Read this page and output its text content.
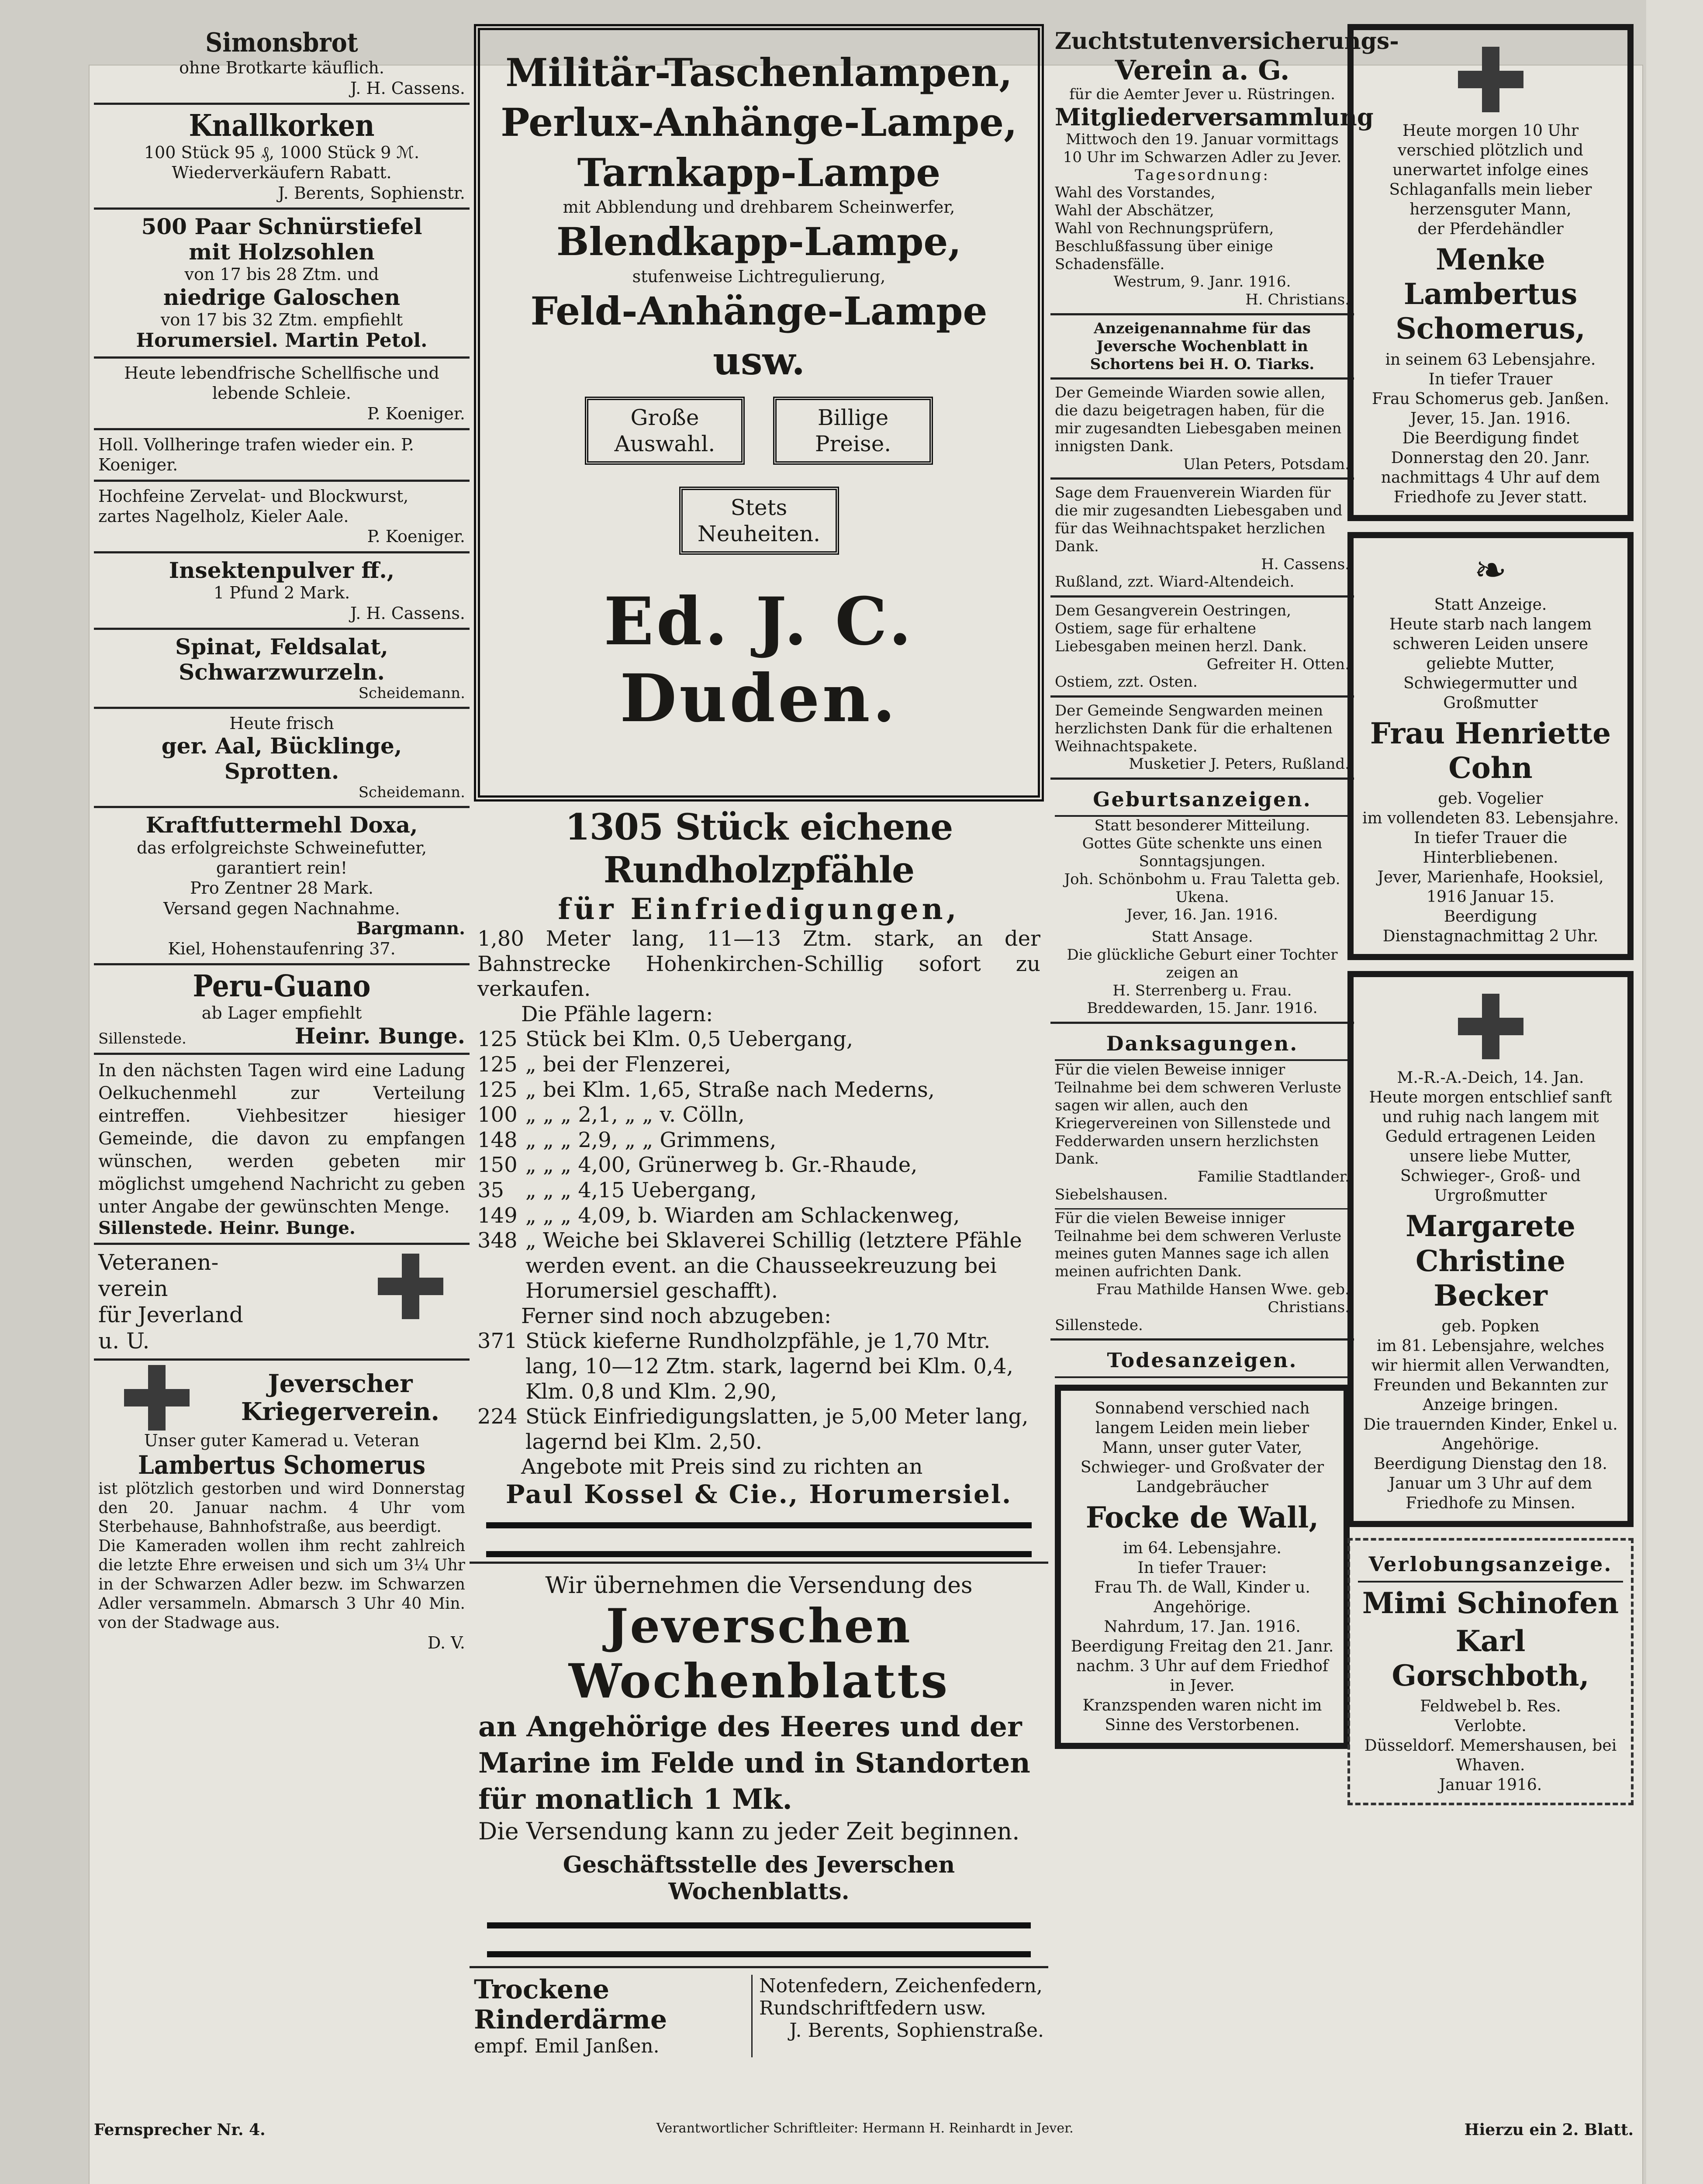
Simonsbrot
ohne Brotkarte käuflich.
J. H. Cassens.
Knallkorken
100 Stück 95 ₰, 1000 Stück 9 ℳ.
Wiederverkäufern Rabatt.
J. Berents, Sophienstr.
500 Paar Schnürstiefel
mit Holzsohlen
von 17 bis 28 Ztm. und
niedrige Galoschen
von 17 bis 32 Ztm. empfiehlt
Horumersiel. Martin Petol.
Heute lebendfrische Schellfische und lebende Schleie.
P. Koeniger.
Holl. Vollheringe trafen wieder ein. P. Koeniger.
Hochfeine Zervelat- und Blockwurst, zartes Nagelholz, Kieler Aale.
P. Koeniger.
Insektenpulver ff.,
1 Pfund 2 Mark.
J. H. Cassens.
Spinat, Feldsalat,
Schwarzwurzeln.
Scheidemann.
Heute frisch
ger. Aal, Bücklinge,
Sprotten.
Scheidemann.
Kraftfuttermehl Doxa,
das erfolgreichste Schweinefutter,
garantiert rein!
Pro Zentner 28 Mark.
Versand gegen Nachnahme.
Bargmann.
Kiel, Hohenstaufenring 37.
Peru-Guano
ab Lager empfiehlt
Sillenstede.	Heinr. Bunge.
In den nächsten Tagen wird eine Ladung Oelkuchenmehl zur Verteilung eintreffen. Viehbesitzer hiesiger Gemeinde, die davon zu empfangen wünschen, werden gebeten mir möglichst umgehend Nachricht zu geben unter Angabe der gewünschten Menge.
Sillenstede. Heinr. Bunge.
Veteranen-
verein
für Jeverland
u. U.
Jeverscher
Kriegerverein.
Unser guter Kamerad u. Veteran
Lambertus Schomerus
ist plötzlich gestorben und wird Donnerstag den 20. Januar nachm. 4 Uhr vom Sterbehause, Bahnhofstraße, aus beerdigt.
Die Kameraden wollen ihm recht zahlreich die letzte Ehre erweisen und sich um 3¼ Uhr in der Schwarzen Adler bezw. im Schwarzen Adler versammeln. Abmarsch 3 Uhr 40 Min. von der Stadwage aus.
D. V.
Militär-Taschenlampen,
Perlux-Anhänge-Lampe,
Tarnkapp-Lampe
mit Abblendung und drehbarem Scheinwerfer,
Blendkapp-Lampe,
stufenweise Lichtregulierung,
Feld-Anhänge-Lampe usw.
Große Auswahl. Billige Preise.
Stets Neuheiten.
Ed. J. C. Duden.
1305 Stück eichene Rundholzpfähle
für Einfriedigungen,
1,80 Meter lang, 11—13 Ztm. stark, an der Bahnstrecke Hohenkirchen-Schillig sofort zu verkaufen.
Die Pfähle lagern:
125 Stück bei Klm. 0,5 Uebergang,
125 „ bei der Flenzerei,
125 „ bei Klm. 1,65, Straße nach Mederns,
100 „ „ „ 2,1, „ „ v. Cölln,
148 „ „ „ 2,9, „ „ Grimmens,
150 „ „ „ 4,00, Grünerweg b. Gr.-Rhaude,
35	„ „ „ 4,15 Uebergang,
149 „ „ „ 4,09, b. Wiarden am Schlackenweg,
348 „ Weiche bei Sklaverei Schillig (letztere Pfähle werden event. an die Chausseekreuzung bei Horumersiel geschafft).
Ferner sind noch abzugeben:
371 Stück kieferne Rundholzpfähle, je 1,70 Mtr. lang, 10—12 Ztm. stark, lagernd bei Klm. 0,4, Klm. 0,8 und Klm. 2,90,
224 Stück Einfriedigungslatten, je 5,00 Meter lang, lagernd bei Klm. 2,50.
Angebote mit Preis sind zu richten an
Paul Kossel & Cie., Horumersiel.
Wir übernehmen die Versendung des
Jeverschen Wochenblatts
an Angehörige des Heeres und der Marine im Felde und in Standorten für monatlich 1 Mk.
Die Versendung kann zu jeder Zeit beginnen.
Geschäftsstelle des Jeverschen Wochenblatts.
Trockene Rinderdärme
empf. Emil Janßen.
Notenfedern, Zeichenfedern, Rundschriftfedern usw.
J. Berents, Sophienstraße.
Zuchtstutenversicherungs-
Verein a. G.
für die Aemter Jever u. Rüstringen.
Mitgliederversammlung
Mittwoch den 19. Januar vormittags 10 Uhr im Schwarzen Adler zu Jever.
Tagesordnung:
Wahl des Vorstandes,
Wahl der Abschätzer,
Wahl von Rechnungsprüfern,
Beschlußfassung über einige Schadensfälle.
Westrum, 9. Janr. 1916.
H. Christians.
Anzeigenannahme für das Jeversche Wochenblatt in Schortens bei H. O. Tiarks.
Der Gemeinde Wiarden sowie allen, die dazu beigetragen haben, für die mir zugesandten Liebesgaben meinen innigsten Dank.
Ulan Peters, Potsdam.
Sage dem Frauenverein Wiarden für die mir zugesandten Liebesgaben und für das Weihnachtspaket herzlichen Dank.
H. Cassens.
Rußland, zzt. Wiard-Altendeich.
Dem Gesangverein Oestringen, Ostiem, sage für erhaltene Liebesgaben meinen herzl. Dank.
Gefreiter H. Otten.
Ostiem, zzt. Osten.
Der Gemeinde Sengwarden meinen herzlichsten Dank für die erhaltenen Weihnachtspakete.
Musketier J. Peters, Rußland.
Geburtsanzeigen.
Statt besonderer Mitteilung.
Gottes Güte schenkte uns einen Sonntagsjungen.
Joh. Schönbohm u. Frau Taletta geb. Ukena.
Jever, 16. Jan. 1916.
Statt Ansage.
Die glückliche Geburt einer Tochter zeigen an
H. Sterrenberg u. Frau.
Breddewarden, 15. Janr. 1916.
Danksagungen.
Für die vielen Beweise inniger Teilnahme bei dem schweren Verluste sagen wir allen, auch den Kriegervereinen von Sillenstede und Fedderwarden unsern herzlichsten Dank.
Familie Stadtlander.
Siebelshausen.
Für die vielen Beweise inniger Teilnahme bei dem schweren Verluste meines guten Mannes sage ich allen meinen aufrichten Dank.
Frau Mathilde Hansen Wwe. geb. Christians.
Sillenstede.
Todesanzeigen.
Sonnabend verschied nach langem Leiden mein lieber Mann, unser guter Vater, Schwieger- und Großvater der Landgebräucher
Focke de Wall,
im 64. Lebensjahre.
In tiefer Trauer:
Frau Th. de Wall, Kinder u. Angehörige.
Nahrdum, 17. Jan. 1916.
Beerdigung Freitag den 21. Janr. nachm. 3 Uhr auf dem Friedhof in Jever.
Kranzspenden waren nicht im Sinne des Verstorbenen.
Heute morgen 10 Uhr verschied plötzlich und unerwartet infolge eines Schlaganfalls mein lieber herzensguter Mann,
der Pferdehändler
Menke Lambertus Schomerus,
in seinem 63 Lebensjahre.
In tiefer Trauer
Frau Schomerus geb. Janßen.
Jever, 15. Jan. 1916.
Die Beerdigung findet Donnerstag den 20. Janr. nachmittags 4 Uhr auf dem Friedhofe zu Jever statt.
❧
Statt Anzeige.
Heute starb nach langem schweren Leiden unsere geliebte Mutter, Schwiegermutter und Großmutter
Frau Henriette Cohn
geb. Vogelier
im vollendeten 83. Lebensjahre.
In tiefer Trauer die Hinterbliebenen.
Jever, Marienhafe, Hooksiel, 1916 Januar 15.
Beerdigung Dienstagnachmittag 2 Uhr.
M.-R.-A.-Deich, 14. Jan.
Heute morgen entschlief sanft und ruhig nach langem mit Geduld ertragenen Leiden unsere liebe Mutter, Schwieger-, Groß- und Urgroßmutter
Margarete Christine Becker
geb. Popken
im 81. Lebensjahre, welches wir hiermit allen Verwandten, Freunden und Bekannten zur Anzeige bringen.
Die trauernden Kinder, Enkel u. Angehörige.
Beerdigung Dienstag den 18. Januar um 3 Uhr auf dem Friedhofe zu Minsen.
Verlobungsanzeige.
Mimi Schinofen
Karl Gorschboth,
Feldwebel b. Res.
Verlobte.
Düsseldorf. Memershausen, bei Whaven.
Januar 1916.
Fernsprecher Nr. 4.	Verantwortlicher Schriftleiter: Hermann H. Reinhardt in Jever.	Hierzu ein 2. Blatt.
